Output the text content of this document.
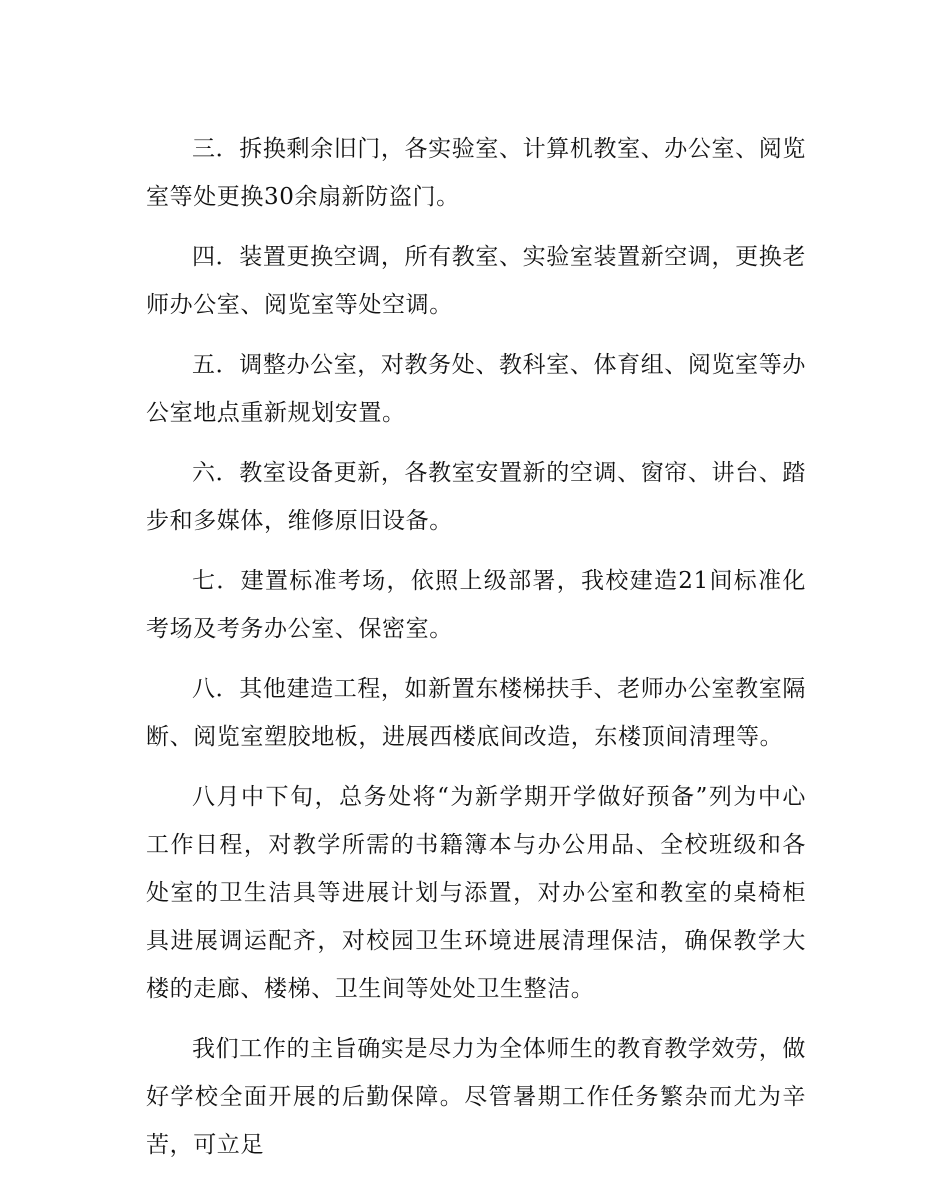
三．拆换剩余旧门，各实验室、计算机教室、办公室、阅览室等处更换30余扇新防盗门。

四．装置更换空调，所有教室、实验室装置新空调，更换老师办公室、阅览室等处空调。

五．调整办公室，对教务处、教科室、体育组、阅览室等办公室地点重新规划安置。

六．教室设备更新，各教室安置新的空调、窗帘、讲台、踏步和多媒体，维修原旧设备。

七．建置标准考场，依照上级部署，我校建造21间标准化考场及考务办公室、保密室。

八．其他建造工程，如新置东楼梯扶手、老师办公室教室隔断、阅览室塑胶地板，进展西楼底间改造，东楼顶间清理等。

八月中下旬，总务处将“为新学期开学做好预备”列为中心工作日程，对教学所需的书籍簿本与办公用品、全校班级和各处室的卫生洁具等进展计划与添置，对办公室和教室的桌椅柜具进展调运配齐，对校园卫生环境进展清理保洁，确保教学大楼的走廊、楼梯、卫生间等处处卫生整洁。

我们工作的主旨确实是尽力为全体师生的教育教学效劳，做好学校全面开展的后勤保障。尽管暑期工作任务繁杂而尤为辛苦，可立足
